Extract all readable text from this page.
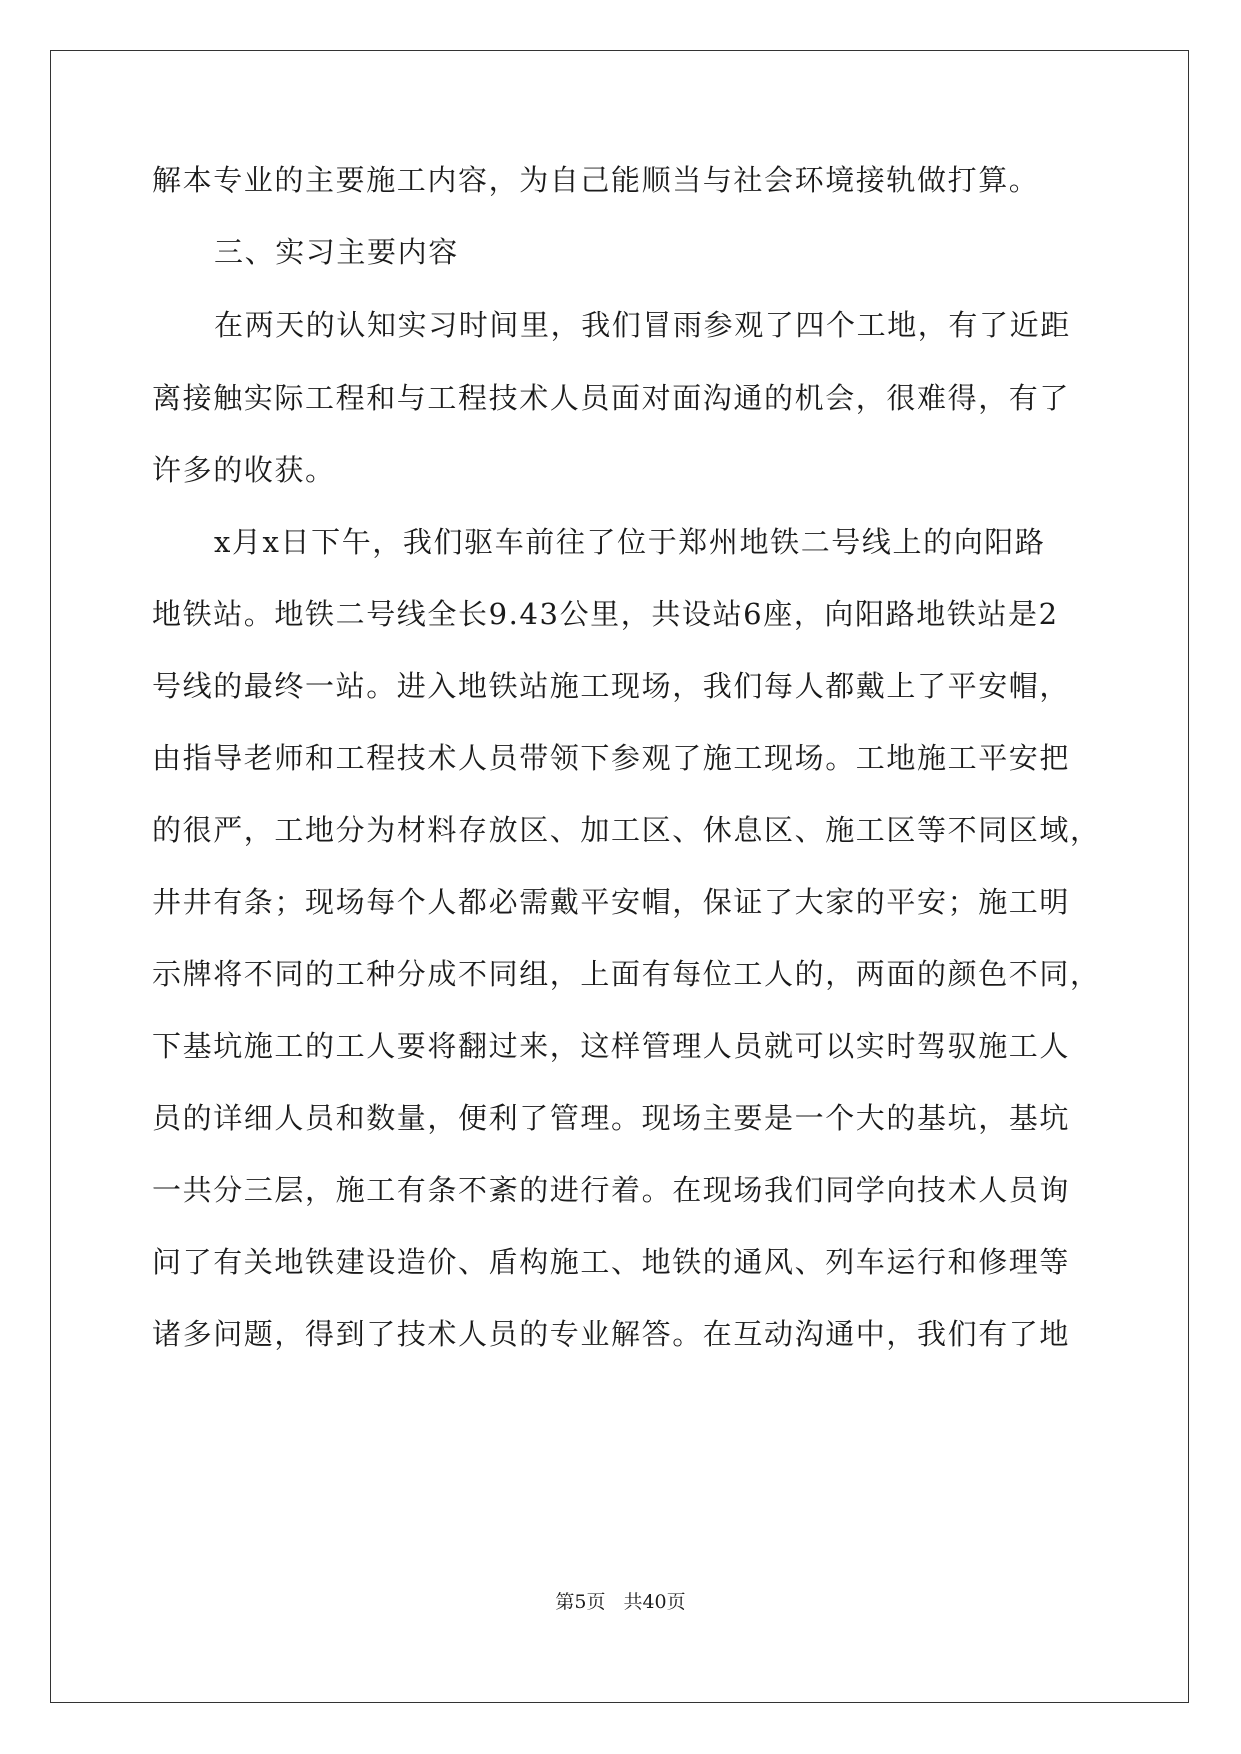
解本专业的主要施工内容，为自己能顺当与社会环境接轨做打算。
三、实习主要内容
在两天的认知实习时间里，我们冒雨参观了四个工地，有了近距
离接触实际工程和与工程技术人员面对面沟通的机会，很难得，有了
许多的收获。
x月x日下午，我们驱车前往了位于郑州地铁二号线上的向阳路
地铁站。地铁二号线全长9.43公里，共设站6座，向阳路地铁站是2
号线的最终一站。进入地铁站施工现场，我们每人都戴上了平安帽，
由指导老师和工程技术人员带领下参观了施工现场。工地施工平安把
的很严，工地分为材料存放区、加工区、休息区、施工区等不同区域，
井井有条；现场每个人都必需戴平安帽，保证了大家的平安；施工明
示牌将不同的工种分成不同组，上面有每位工人的，两面的颜色不同，
下基坑施工的工人要将翻过来，这样管理人员就可以实时驾驭施工人
员的详细人员和数量，便利了管理。现场主要是一个大的基坑，基坑
一共分三层，施工有条不紊的进行着。在现场我们同学向技术人员询
问了有关地铁建设造价、盾构施工、地铁的通风、列车运行和修理等
诸多问题，得到了技术人员的专业解答。在互动沟通中，我们有了地
第5页 共40页
